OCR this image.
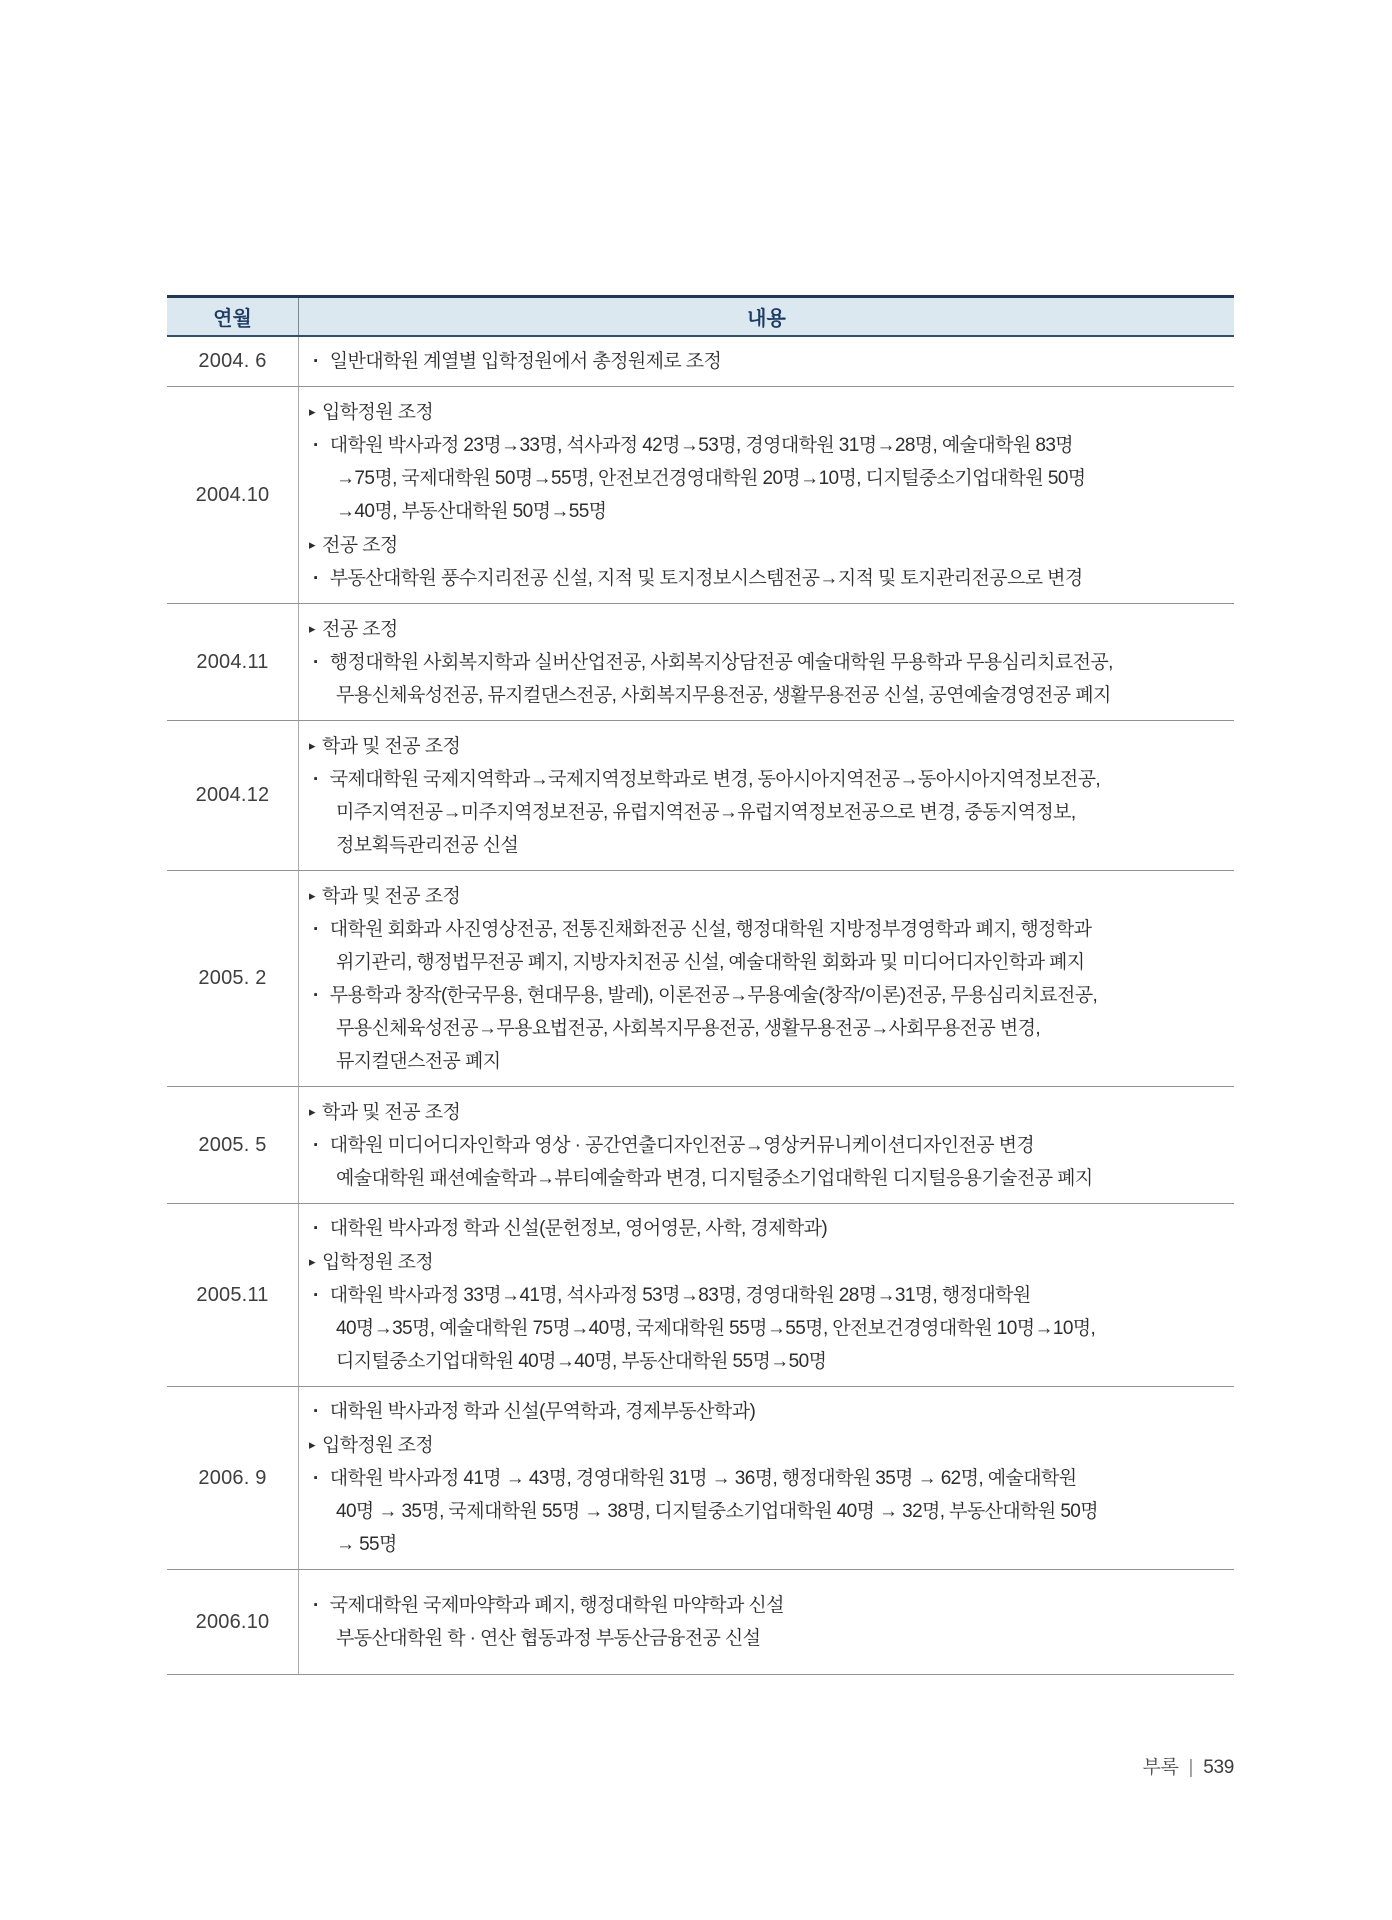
연월	내용
2004. 6	· 일반대학원 계열별 입학정원에서 총정원제로 조정
2004.10
▸ 입학정원 조정
· 대학원 박사과정 23명→33명, 석사과정 42명→53명, 경영대학원 31명→28명, 예술대학원 83명
→75명, 국제대학원 50명→55명, 안전보건경영대학원 20명→10명, 디지털중소기업대학원 50명
→40명, 부동산대학원 50명→55명
▸ 전공 조정
· 부동산대학원 풍수지리전공 신설, 지적 및 토지정보시스템전공→지적 및 토지관리전공으로 변경
2004.11
▸ 전공 조정
· 행정대학원 사회복지학과 실버산업전공, 사회복지상담전공 예술대학원 무용학과 무용심리치료전공,
무용신체육성전공, 뮤지컬댄스전공, 사회복지무용전공, 생활무용전공 신설, 공연예술경영전공 폐지
2004.12
▸ 학과 및 전공 조정
· 국제대학원 국제지역학과→국제지역정보학과로 변경, 동아시아지역전공→동아시아지역정보전공,
미주지역전공→미주지역정보전공, 유럽지역전공→유럽지역정보전공으로 변경, 중동지역정보,
정보획득관리전공 신설
2005. 2
▸ 학과 및 전공 조정
· 대학원 회화과 사진영상전공, 전통진채화전공 신설, 행정대학원 지방정부경영학과 폐지, 행정학과
위기관리, 행정법무전공 폐지, 지방자치전공 신설, 예술대학원 회화과 및 미디어디자인학과 폐지
· 무용학과 창작(한국무용, 현대무용, 발레), 이론전공→무용예술(창작/이론)전공, 무용심리치료전공,
무용신체육성전공→무용요법전공, 사회복지무용전공, 생활무용전공→사회무용전공 변경,
뮤지컬댄스전공 폐지
2005. 5
▸ 학과 및 전공 조정
· 대학원 미디어디자인학과 영상 · 공간연출디자인전공→영상커뮤니케이션디자인전공 변경
예술대학원 패션예술학과→뷰티예술학과 변경, 디지털중소기업대학원 디지털응용기술전공 폐지
2005.11
· 대학원 박사과정 학과 신설(문헌정보, 영어영문, 사학, 경제학과)
▸ 입학정원 조정
· 대학원 박사과정 33명→41명, 석사과정 53명→83명, 경영대학원 28명→31명, 행정대학원
40명→35명, 예술대학원 75명→40명, 국제대학원 55명→55명, 안전보건경영대학원 10명→10명,
디지털중소기업대학원 40명→40명, 부동산대학원 55명→50명
2006. 9
· 대학원 박사과정 학과 신설(무역학과, 경제부동산학과)
▸ 입학정원 조정
· 대학원 박사과정 41명 → 43명, 경영대학원 31명 → 36명, 행정대학원 35명 → 62명, 예술대학원
40명 → 35명, 국제대학원 55명 → 38명, 디지털중소기업대학원 40명 → 32명, 부동산대학원 50명
→ 55명
2006.10
· 국제대학원 국제마약학과 폐지, 행정대학원 마약학과 신설
부동산대학원 학 · 연산 협동과정 부동산금융전공 신설
부록 | 539
